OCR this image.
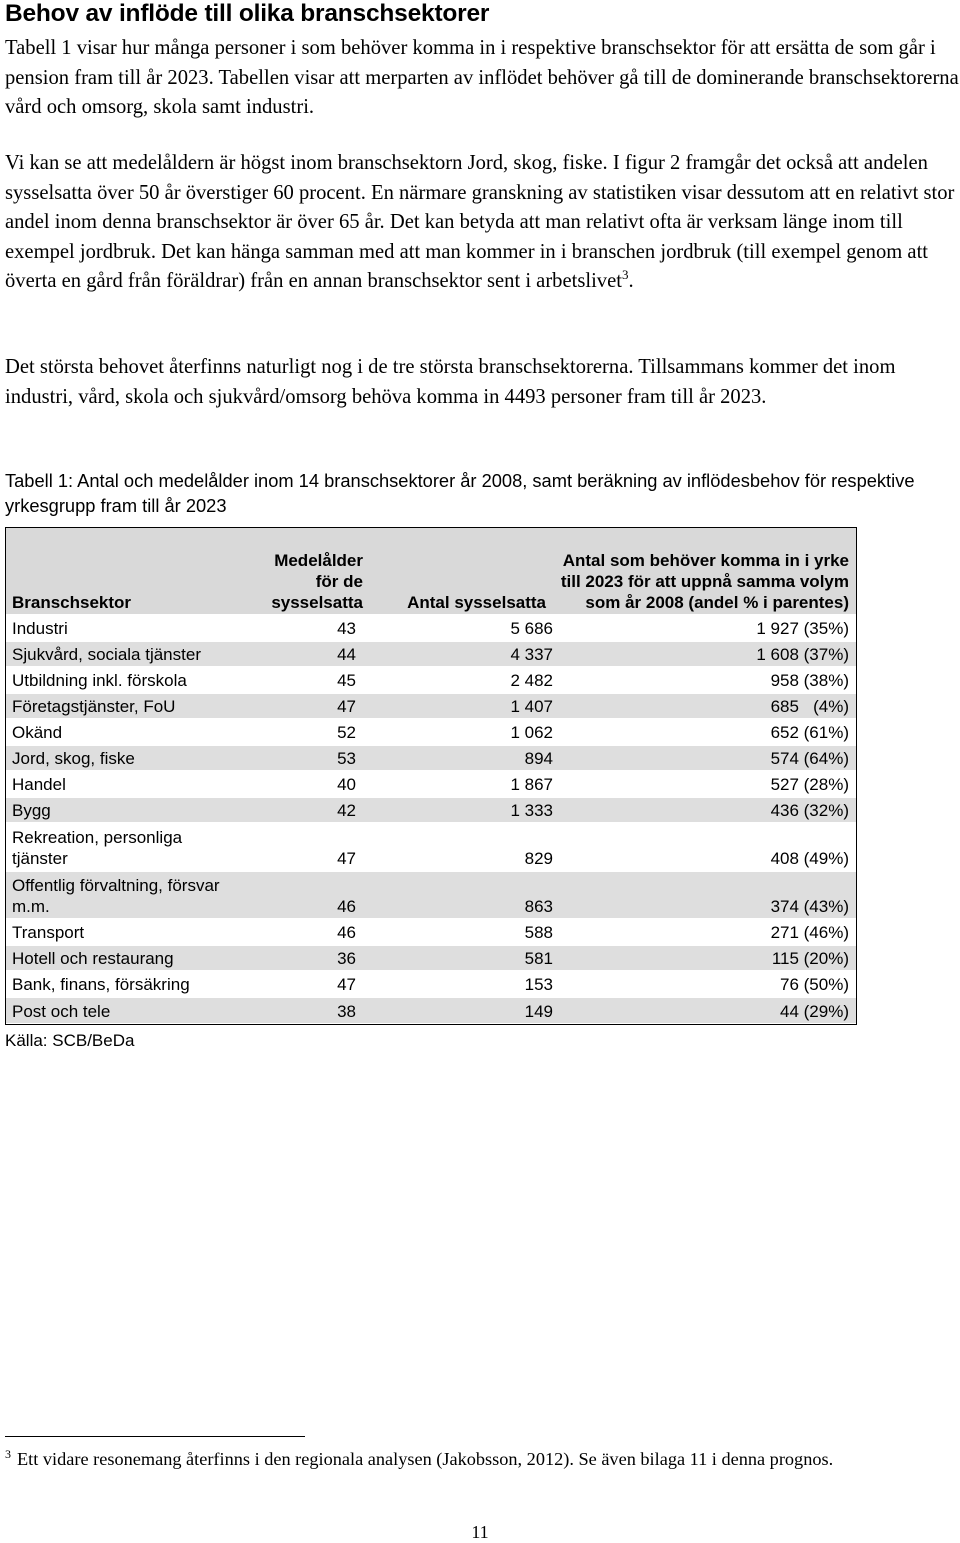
Behov av inflöde till olika branschsektorer

Tabell 1 visar hur många personer i som behöver komma in i respektive branschsektor för att ersätta de som går i pension fram till år 2023. Tabellen visar att merparten av inflödet behöver gå till de dominerande branschsektorerna vård och omsorg, skola samt industri.

Vi kan se att medelåldern är högst inom branschsektorn Jord, skog, fiske. I figur 2 framgår det också att andelen sysselsatta över 50 år överstiger 60 procent. En närmare granskning av statistiken visar dessutom att en relativt stor andel inom denna branschsektor är över 65 år. Det kan betyda att man relativt ofta är verksam länge inom till exempel jordbruk. Det kan hänga samman med att man kommer in i branschen jordbruk (till exempel genom att överta en gård från föräldrar) från en annan branschsektor sent i arbetslivet$^3$.

Det största behovet återfinns naturligt nog i de tre största branschsektorerna. Tillsammans kommer det inom industri, vård, skola och sjukvård/omsorg behöva komma in 4493 personer fram till år 2023.

Tabell 1: Antal och medelålder inom 14 branschsektorer år 2008, samt beräkning av inflödesbehov för respektive yrkesgrupp fram till år 2023

Branschsektor	Medelålder för de sysselsatta	Antal sysselsatta	Antal som behöver komma in i yrke till 2023 för att uppnå samma volym som år 2008 (andel % i parentes)
Industri	43	5 686	1 927 (35%)
Sjukvård, sociala tjänster	44	4 337	1 608 (37%)
Utbildning inkl. förskola	45	2 482	958 (38%)
Företagstjänster, FoU	47	1 407	685   (4%)
Okänd	52	1 062	652 (61%)
Jord, skog, fiske	53	894	574 (64%)
Handel	40	1 867	527 (28%)
Bygg	42	1 333	436 (32%)
Rekreation, personliga tjänster	47	829	408 (49%)
Offentlig förvaltning, försvar m.m.	46	863	374 (43%)
Transport	46	588	271 (46%)
Hotell och restaurang	36	581	115 (20%)
Bank, finans, försäkring	47	153	76 (50%)
Post och tele	38	149	44 (29%)

Källa: SCB/BeDa

$^3$ Ett vidare resonemang återfinns i den regionala analysen (Jakobsson, 2012). Se även bilaga 11 i denna prognos.

11
